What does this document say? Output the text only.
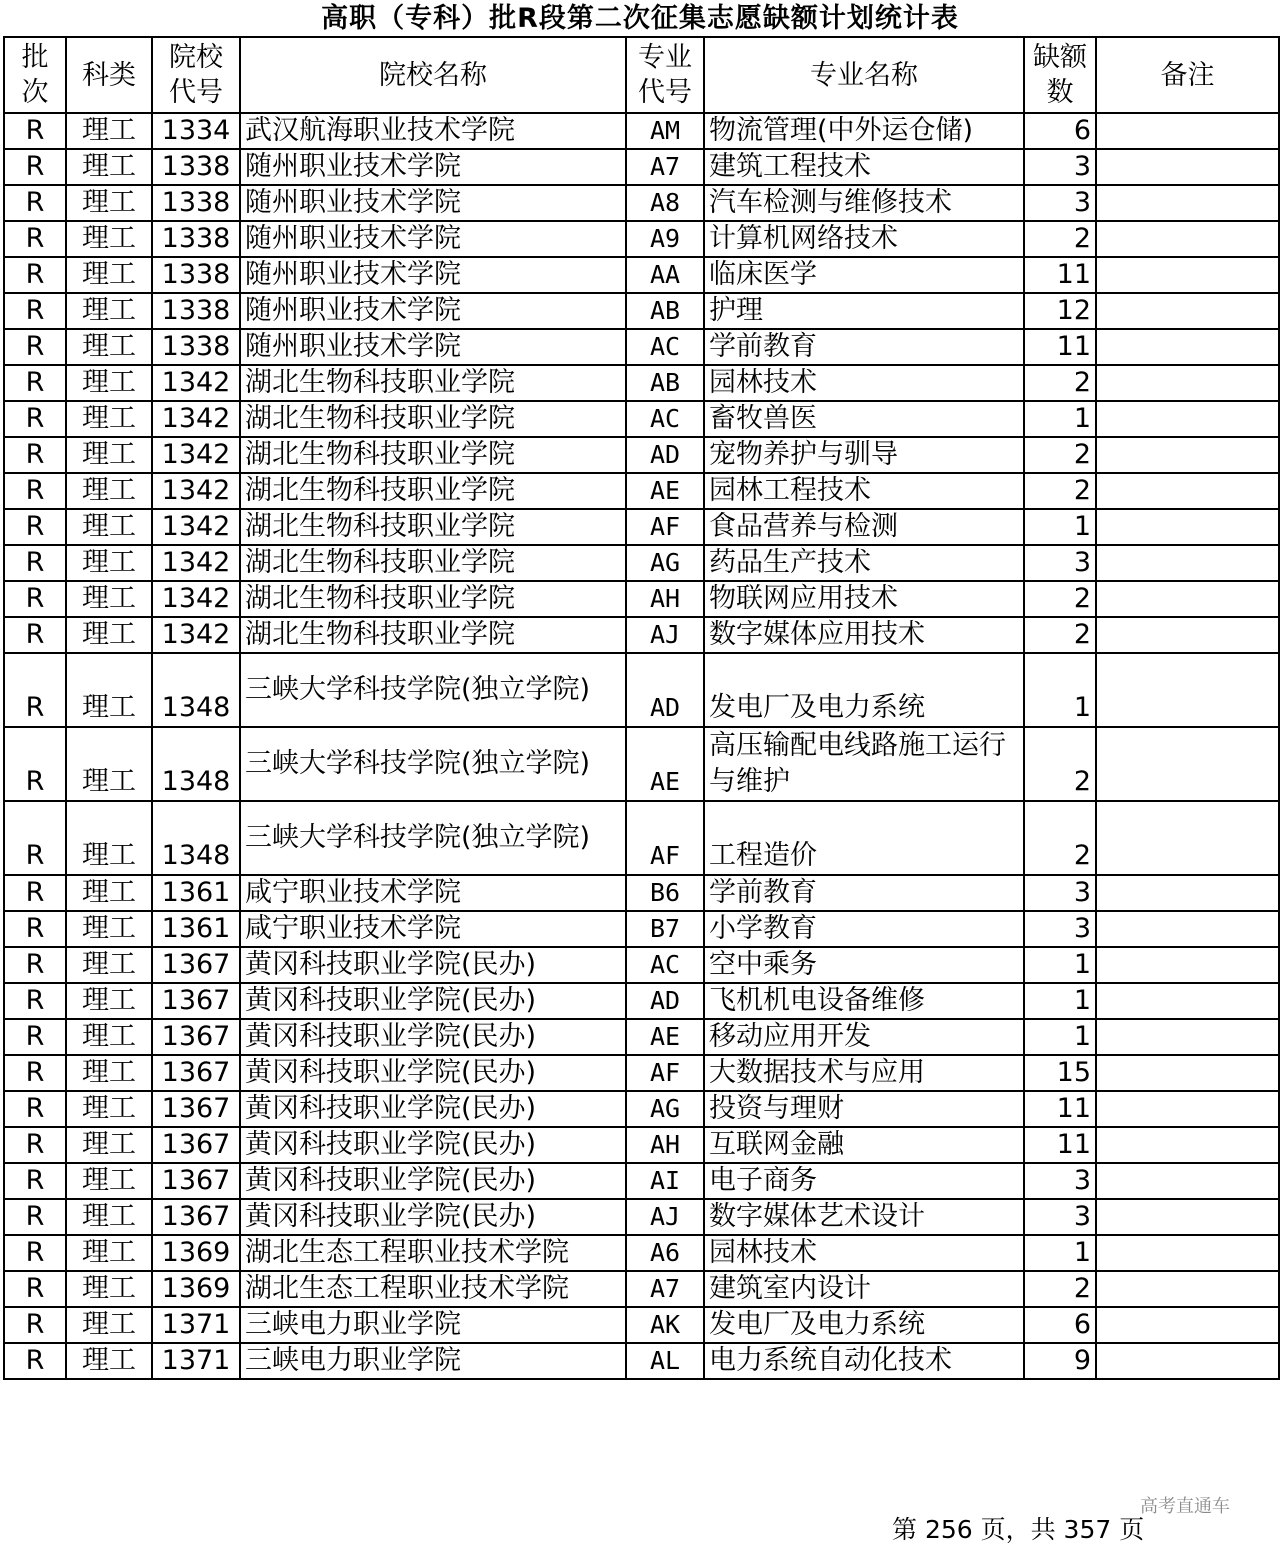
高职（专科）批R段第二次征集志愿缺额计划统计表
批次	科类	院校代号	院校名称	专业代号	专业名称	缺额数	备注
R	理工	1334	武汉航海职业技术学院	AM	物流管理(中外运仓储)	6	
R	理工	1338	随州职业技术学院	A7	建筑工程技术	3	
R	理工	1338	随州职业技术学院	A8	汽车检测与维修技术	3	
R	理工	1338	随州职业技术学院	A9	计算机网络技术	2	
R	理工	1338	随州职业技术学院	AA	临床医学	11	
R	理工	1338	随州职业技术学院	AB	护理	12	
R	理工	1338	随州职业技术学院	AC	学前教育	11	
R	理工	1342	湖北生物科技职业学院	AB	园林技术	2	
R	理工	1342	湖北生物科技职业学院	AC	畜牧兽医	1	
R	理工	1342	湖北生物科技职业学院	AD	宠物养护与驯导	2	
R	理工	1342	湖北生物科技职业学院	AE	园林工程技术	2	
R	理工	1342	湖北生物科技职业学院	AF	食品营养与检测	1	
R	理工	1342	湖北生物科技职业学院	AG	药品生产技术	3	
R	理工	1342	湖北生物科技职业学院	AH	物联网应用技术	2	
R	理工	1342	湖北生物科技职业学院	AJ	数字媒体应用技术	2	
R	理工	1348	三峡大学科技学院(独立学院)	AD	发电厂及电力系统	1	
R	理工	1348	三峡大学科技学院(独立学院)	AE	高压输配电线路施工运行与维护	2	
R	理工	1348	三峡大学科技学院(独立学院)	AF	工程造价	2	
R	理工	1361	咸宁职业技术学院	B6	学前教育	3	
R	理工	1361	咸宁职业技术学院	B7	小学教育	3	
R	理工	1367	黄冈科技职业学院(民办)	AC	空中乘务	1	
R	理工	1367	黄冈科技职业学院(民办)	AD	飞机机电设备维修	1	
R	理工	1367	黄冈科技职业学院(民办)	AE	移动应用开发	1	
R	理工	1367	黄冈科技职业学院(民办)	AF	大数据技术与应用	15	
R	理工	1367	黄冈科技职业学院(民办)	AG	投资与理财	11	
R	理工	1367	黄冈科技职业学院(民办)	AH	互联网金融	11	
R	理工	1367	黄冈科技职业学院(民办)	AI	电子商务	3	
R	理工	1367	黄冈科技职业学院(民办)	AJ	数字媒体艺术设计	3	
R	理工	1369	湖北生态工程职业技术学院	A6	园林技术	1	
R	理工	1369	湖北生态工程职业技术学院	A7	建筑室内设计	2	
R	理工	1371	三峡电力职业学院	AK	发电厂及电力系统	6	
R	理工	1371	三峡电力职业学院	AL	电力系统自动化技术	9	
高考直通车
第 256 页，共 357 页
